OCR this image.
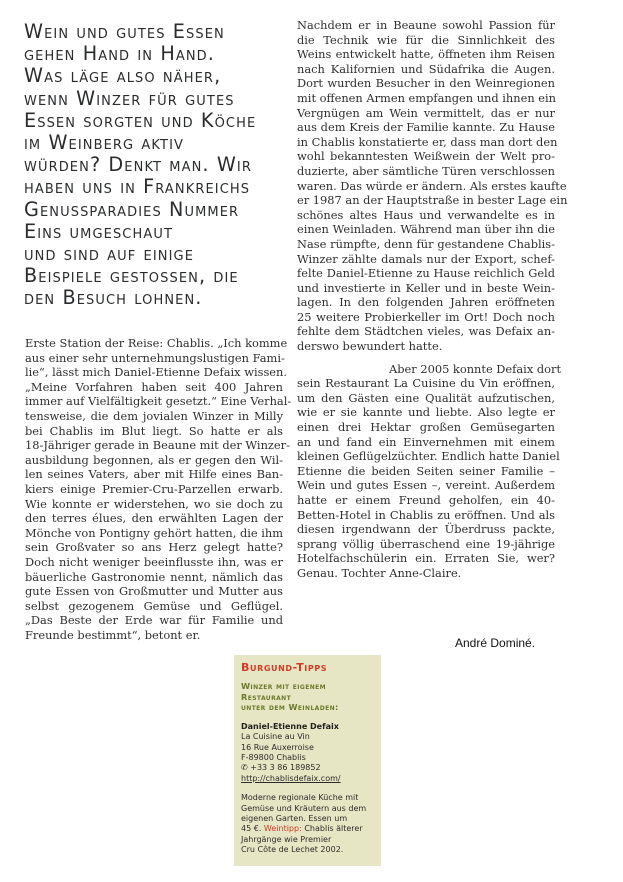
Wein und gutes Essen
gehen Hand in Hand.
Was läge also näher,
wenn Winzer für gutes
Essen sorgten und Köche
im Weinberg aktiv
würden? Denkt man. Wir
haben uns in Frankreichs
Genussparadies Nummer
Eins umgeschaut
und sind auf einige
Beispiele gestossen, die
den Besuch lohnen.
Erste Station der Reise: Chablis. „Ich komme
aus einer sehr unternehmungslustigen Fami-
lie“, lässt mich Daniel-Etienne Defaix wissen.
„Meine Vorfahren haben seit 400 Jahren
immer auf Vielfältigkeit gesetzt.“ Eine Verhal-
tensweise, die dem jovialen Winzer in Milly
bei Chablis im Blut liegt. So hatte er als
18-Jähriger gerade in Beaune mit der Winzer-
ausbildung begonnen, als er gegen den Wil-
len seines Vaters, aber mit Hilfe eines Ban-
kiers einige Premier-Cru-Parzellen erwarb.
Wie konnte er widerstehen, wo sie doch zu
den terres élues, den erwählten Lagen der
Mönche von Pontigny gehört hatten, die ihm
sein Großvater so ans Herz gelegt hatte?
Doch nicht weniger beeinflusste ihn, was er
bäuerliche Gastronomie nennt, nämlich das
gute Essen von Großmutter und Mutter aus
selbst gezogenem Gemüse und Geflügel.
„Das Beste der Erde war für Familie und
Freunde bestimmt“, betont er.
Nachdem er in Beaune sowohl Passion für
die Technik wie für die Sinnlichkeit des
Weins entwickelt hatte, öffneten ihm Reisen
nach Kalifornien und Südafrika die Augen.
Dort wurden Besucher in den Weinregionen
mit offenen Armen empfangen und ihnen ein
Vergnügen am Wein vermittelt, das er nur
aus dem Kreis der Familie kannte. Zu Hause
in Chablis konstatierte er, dass man dort den
wohl bekanntesten Weißwein der Welt pro-
duzierte, aber sämtliche Türen verschlossen
waren. Das würde er ändern. Als erstes kaufte
er 1987 an der Hauptstraße in bester Lage ein
schönes altes Haus und verwandelte es in
einen Weinladen. Während man über ihn die
Nase rümpfte, denn für gestandene Chablis-
Winzer zählte damals nur der Export, schef-
felte Daniel-Etienne zu Hause reichlich Geld
und investierte in Keller und in beste Wein-
lagen. In den folgenden Jahren eröffneten
25 weitere Probierkeller im Ort! Doch noch
fehlte dem Städtchen vieles, was Defaix an-
derswo bewundert hatte.
Aber 2005 konnte Defaix dort
sein Restaurant La Cuisine du Vin eröffnen,
um den Gästen eine Qualität aufzutischen,
wie er sie kannte und liebte. Also legte er
einen drei Hektar großen Gemüsegarten
an und fand ein Einvernehmen mit einem
kleinen Geflügelzüchter. Endlich hatte Daniel
Etienne die beiden Seiten seiner Familie –
Wein und gutes Essen –, vereint. Außerdem
hatte er einem Freund geholfen, ein 40-
Betten-Hotel in Chablis zu eröffnen. Und als
diesen irgendwann der Überdruss packte,
sprang völlig überraschend eine 19-jährige
Hotelfachschülerin ein. Erraten Sie, wer?
Genau. Tochter Anne-Claire.
André Dominé.
Burgund-Tipps
Winzer mit eigenem
Restaurant
unter dem Weinladen:
Daniel-Etienne Defaix
La Cuisine au Vin
16 Rue Auxerroise
F-89800 Chablis
✆ +33 3 86 189852
http://chablisdefaix.com/
Moderne regionale Küche mit
Gemüse und Kräutern aus dem
eigenen Garten. Essen um
45 €. Weintipp: Chablis älterer
Jahrgänge wie Premier
Cru Côte de Lechet 2002.
